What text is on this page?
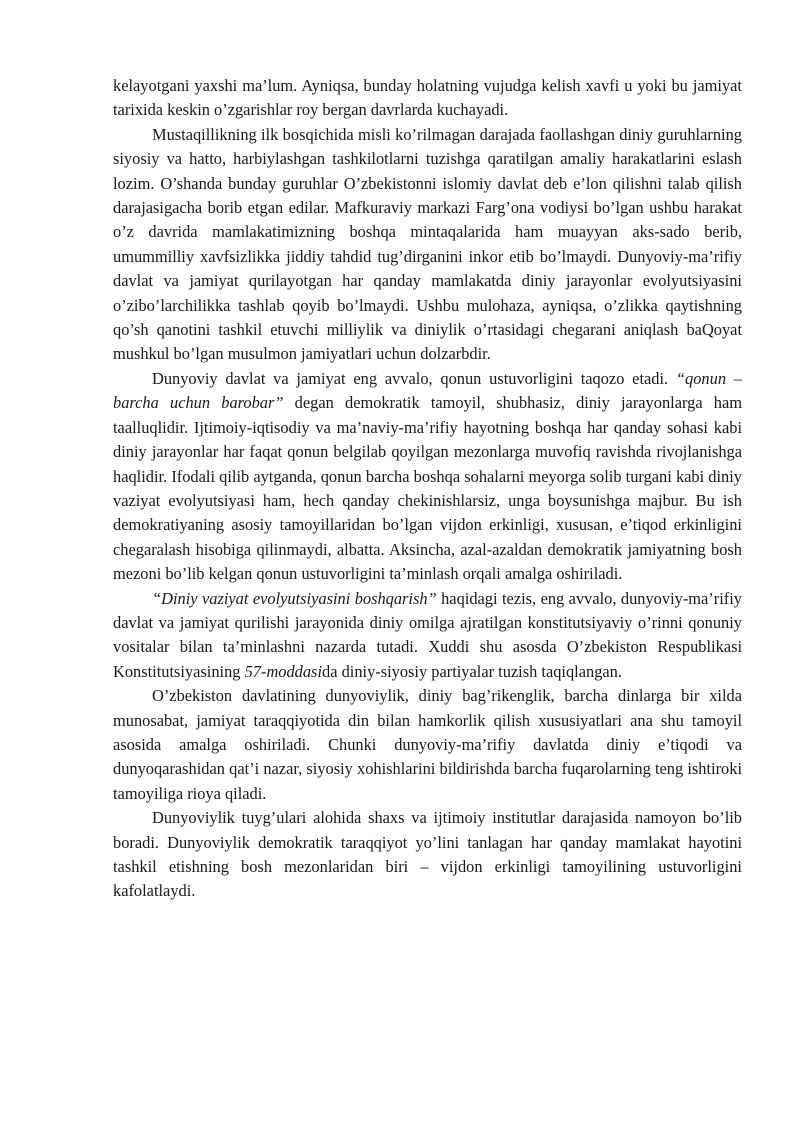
kelayotgani yaxshi ma’lum. Ayniqsa, bunday holatning vujudga kelish xavfi u yoki bu jamiyat tarixida keskin o’zgarishlar roy bergan davrlarda kuchayadi.

Mustaqillikning ilk bosqichida misli ko’rilmagan darajada faollashgan diniy guruhlarning siyosiy va hatto, harbiylashgan tashkilotlarni tuzishga qaratilgan amaliy harakatlarini eslash lozim. O’shanda bunday guruhlar O’zbekistonni islomiy davlat deb e’lon qilishni talab qilish darajasigacha borib etgan edilar. Mafkuraviy markazi Farg’ona vodiysi bo’lgan ushbu harakat o’z davrida mamlakatimizning boshqa mintaqalarida ham muayyan aks-sado berib, umummilliy xavfsizlikka jiddiy tahdid tug’dirganini inkor etib bo’lmaydi. Dunyoviy-ma’rifiy davlat va jamiyat qurilayotgan har qanday mamlakatda diniy jarayonlar evolyutsiyasini o’zibo’larchilikka tashlab qoyib bo’lmaydi. Ushbu mulohaza, ayniqsa, o’zlikka qaytishning qo’sh qanotini tashkil etuvchi milliylik va diniylik o’rtasidagi chegarani aniqlash baQoyat mushkul bo’lgan musulmon jamiyatlari uchun dolzarbdir.

Dunyoviy davlat va jamiyat eng avvalo, qonun ustuvorligini taqozo etadi. “qonun – barcha uchun barobar” degan demokratik tamoyil, shubhasiz, diniy jarayonlarga ham taalluqlidir. Ijtimoiy-iqtisodiy va ma’naviy-ma’rifiy hayotning boshqa har qanday sohasi kabi diniy jarayonlar har faqat qonun belgilab qoyilgan mezonlarga muvofiq ravishda rivojlanishga haqlidir. Ifodali qilib aytganda, qonun barcha boshqa sohalarni meyorga solib turgani kabi diniy vaziyat evolyutsiyasi ham, hech qanday chekinishlarsiz, unga boysunishga majbur. Bu ish demokratiyaning asosiy tamoyillaridan bo’lgan vijdon erkinligi, xususan, e’tiqod erkinligini chegaralash hisobiga qilinmaydi, albatta. Aksincha, azal-azaldan demokratik jamiyatning bosh mezoni bo’lib kelgan qonun ustuvorligini ta’minlash orqali amalga oshiriladi.

“Diniy vaziyat evolyutsiyasini boshqarish” haqidagi tezis, eng avvalo, dunyoviy-ma’rifiy davlat va jamiyat qurilishi jarayonida diniy omilga ajratilgan konstitutsiyaviy o’rinni qonuniy vositalar bilan ta’minlashni nazarda tutadi. Xuddi shu asosda O’zbekiston Respublikasi Konstitutsiyasining 57-moddasida diniy-siyosiy partiyalar tuzish taqiqlangan.

O’zbekiston davlatining dunyoviylik, diniy bag’rikenglik, barcha dinlarga bir xilda munosabat, jamiyat taraqqiyotida din bilan hamkorlik qilish xususiyatlari ana shu tamoyil asosida amalga oshiriladi. Chunki dunyoviy-ma’rifiy davlatda diniy e’tiqodi va dunyoqarashidan qat’i nazar, siyosiy xohishlarini bildirishda barcha fuqarolarning teng ishtiroki tamoyiliga rioya qiladi.

Dunyoviylik tuyg’ulari alohida shaxs va ijtimoiy institutlar darajasida namoyon bo’lib boradi. Dunyoviylik demokratik taraqqiyot yo’lini tanlagan har qanday mamlakat hayotini tashkil etishning bosh mezonlaridan biri – vijdon erkinligi tamoyilining ustuvorligini kafolatlaydi.
